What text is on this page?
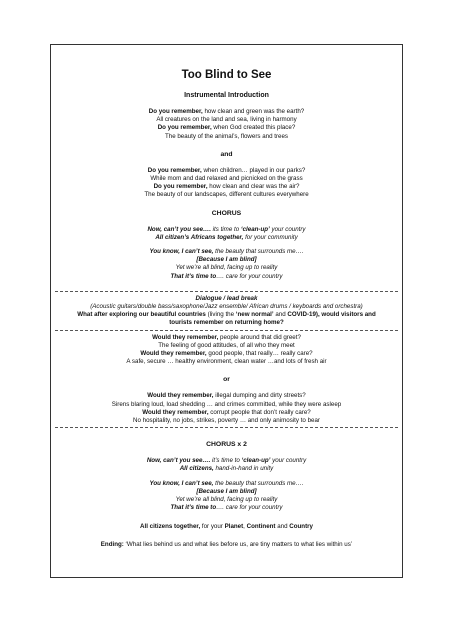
Too Blind to See
Instrumental Introduction
Do you remember, how clean and green was the earth?
All creatures on the land and sea, living in harmony
Do you remember, when God created this place?
The beauty of the animal’s, flowers and trees
and
Do you remember, when children… played in our parks?
While mom and dad relaxed and picnicked on the grass
Do you remember, how clean and clear was the air?
The beauty of our landscapes, different cultures everywhere
CHORUS
Now, can’t you see…. its time to ‘clean-up’ your country
All citizen’s Africans together, for your community
You know, I can’t see, the beauty that surrounds me….
[Because I am blind]
Yet we’re all blind, facing up to reality
That it’s time to…. care for your country
Dialogue / lead break
(Acoustic guitars/double bass/saxophone/Jazz ensemble/ African drums / keyboards and orchestra)
What after exploring our beautiful countries (living the ‘new normal’ and COVID-19), would visitors and
tourists remember on returning home?
Would they remember, people around that did greet?
The feeling of good attitudes, of all who they meet
Would they remember, good people, that really… really care?
A safe, secure … healthy environment, clean water …and lots of fresh air
or
Would they remember, illegal dumping and dirty streets?
Sirens blaring loud, load shedding … and crimes committed, while they were asleep
Would they remember, corrupt people that don’t really care?
No hospitality, no jobs, strikes, poverty … and only animosity to bear
CHORUS x 2
Now, can’t you see…. it’s time to ‘clean-up’ your country
All citizens, hand-in-hand in unity
You know, I can’t see, the beauty that surrounds me….
[Because I am blind]
Yet we’re all blind, facing up to reality
That it’s time to…. care for your country
All citizens together, for your Planet, Continent and Country
Ending: ‘What lies behind us and what lies before us, are tiny matters to what lies within us’
